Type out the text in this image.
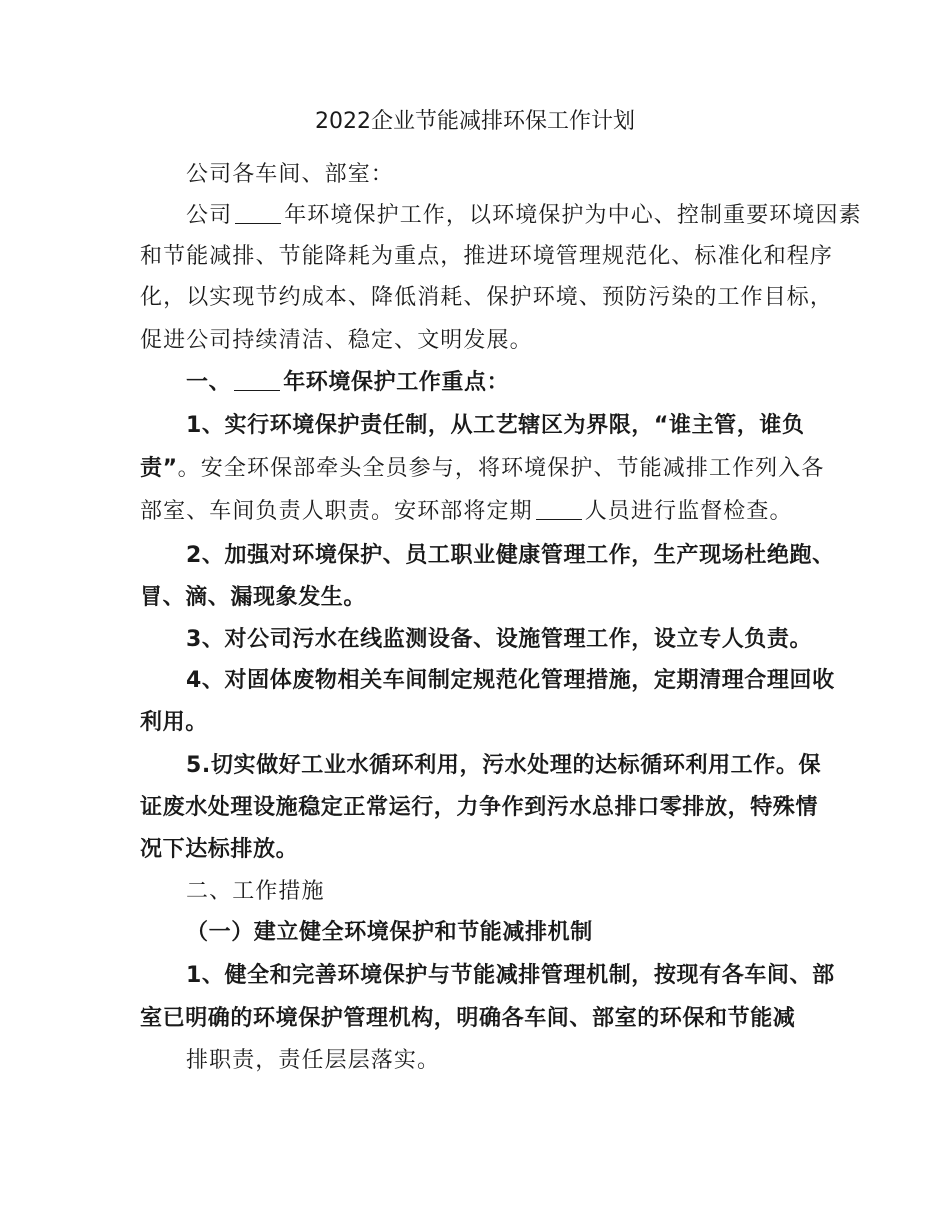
2022企业节能减排环保工作计划
公司各车间、部室：
公司 年环境保护工作，以环境保护为中心、控制重要环境因素
和节能减排、节能降耗为重点，推进环境管理规范化、标准化和程序
化，以实现节约成本、降低消耗、保护环境、预防污染的工作目标，
促进公司持续清洁、稳定、文明发展。
一、 年环境保护工作重点：
1、实行环境保护责任制，从工艺辖区为界限，“谁主管，谁负
责”。安全环保部牵头全员参与，将环境保护、节能减排工作列入各
部室、车间负责人职责。安环部将定期 人员进行监督检查。
2、加强对环境保护、员工职业健康管理工作，生产现场杜绝跑、
冒、滴、漏现象发生。
3、对公司污水在线监测设备、设施管理工作，设立专人负责。
4、对固体废物相关车间制定规范化管理措施，定期清理合理回收
利用。
5.切实做好工业水循环利用，污水处理的达标循环利用工作。保
证废水处理设施稳定正常运行，力争作到污水总排口零排放，特殊情
况下达标排放。
二、工作措施
（一）建立健全环境保护和节能减排机制
1、健全和完善环境保护与节能减排管理机制，按现有各车间、部
室已明确的环境保护管理机构，明确各车间、部室的环保和节能减
排职责，责任层层落实。
